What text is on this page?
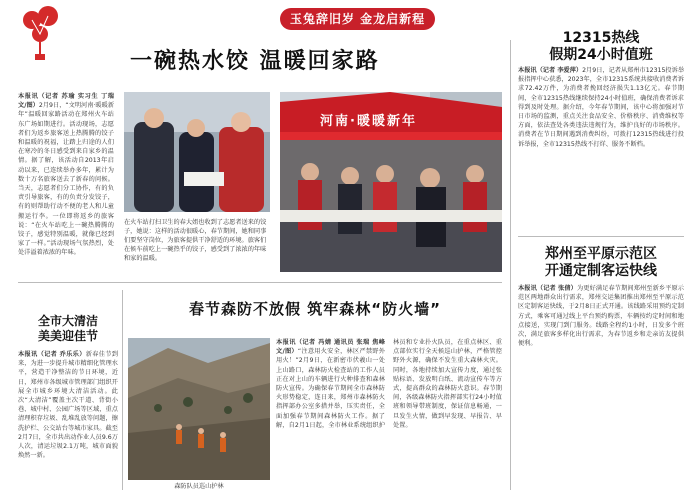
玉兔辞旧岁 金龙启新程
一碗热水饺 温暖回家路
本报讯（记者 苏瑜 实习生 丁瑞 文/图）2月9日，“文明河南·暖暖新年”温暖回家路活动在郑州火车站东广场如期进行。活动现场，志愿者们为返乡旅客送上热腾腾的饺子和温暖的祝福，让踏上归途的人们在寒冷的冬日感受到来自家乡的温情。据了解，该活动自2013年启动以来，已连续举办多年，累计为数十万名旅客送去了新春的问候。当天，志愿者们分工协作，有的负责引导旅客，有的负责分发饺子，有的则帮助行动不便的老人和儿童搬运行李。一位即将返乡的旅客说：“在火车站吃上一碗热腾腾的饺子，感觉特别温暖，就像已经到家了一样。”活动现场气氛热烈，处处洋溢着浓浓的年味。
河南·暖暖新年
在火车站打扫卫生的春大姐也收到了志愿者送来的饺子，她说：这样的活动很暖心，春节期间，她和同事们要坚守岗位，为旅客提供干净舒适的环境。旅客们在候车前吃上一碗热乎的饺子，感受到了浓浓的年味和家的温暖。
12315热线
假期24小时值班
本报讯（记者 李爱萍）2月9日，记者从郑州市12315投诉举报指挥中心获悉，2023年，全市12315系统共接收消费者诉求72.42万件，为消费者挽回经济损失1.13亿元。春节期间，全市12315热线继续保持24小时值班，确保消费者诉求得到及时处理。据介绍，今年春节期间，该中心将加强对节日市场的监测，重点关注食品安全、价格秩序、消费维权等方面，依法查处各类违法违规行为，维护良好的市场秩序。消费者在节日期间遇到消费纠纷，可拨打12315热线进行投诉举报，全市12315热线不打烊、服务不断档。
郑州至平原示范区
开通定制客运快线
本报讯（记者 张倩）为更好满足春节期间郑州至新乡平原示范区两地群众出行需求，郑州交运集团推出郑州至平原示范区定制客运快线，于2月8日正式开通。该线路采用预约定制方式，乘客可通过线上平台预约购票，车辆按约定时间和地点接送，实现门到门服务。线路全程约1小时，日发多个班次，满足旅客多样化出行需求，为春节返乡和走亲访友提供便利。
全市大清洁
美美迎佳节
本报讯（记者 乔乐乐）新春佳节到来，为进一步提升城市精细化管理水平，营造干净整洁的节日环境，近日，郑州市各级城市管理部门组织开展全市城乡环境大清洁活动。此次“大清洁”覆盖主次干道、背街小巷、城中村、公园广场等区域，重点清理积存垃圾、乱堆乱放等问题，擦洗护栏、公交站台等城市家具。截至2月7日，全市共出动作业人员9.6万人次，清运垃圾2.1万吨，城市面貌焕然一新。
春节森防不放假 筑牢森林“防火墙”
森防队员巡山护林
本报讯（记者 冯婧 通讯员 张瑞 焦峰 文/图）“注意用火安全，林区严禁野外用火！”2月9日，在新密市伏羲山一处上山路口，森林防火检查站的工作人员正在对上山的车辆进行火种排查和森林防火宣传。为确保春节期间全市森林防火形势稳定，连日来，郑州市森林防火指挥部办公室多措并举，压实责任，全面加强春节期间森林防火工作。据了解，自2月1日起，全市林业系统组织护林员和专业扑火队员，在重点林区、重点部位实行全天候巡山护林，严格管控野外火源，确保不发生重大森林火灾。同时，各地持续加大宣传力度，通过张贴标语、发放明白纸、流动宣传车等方式，提高群众的森林防火意识。春节期间，各级森林防火指挥部实行24小时值班和领导带班制度，保证信息畅通，一旦发生火情，做到早发现、早报告、早处置。
